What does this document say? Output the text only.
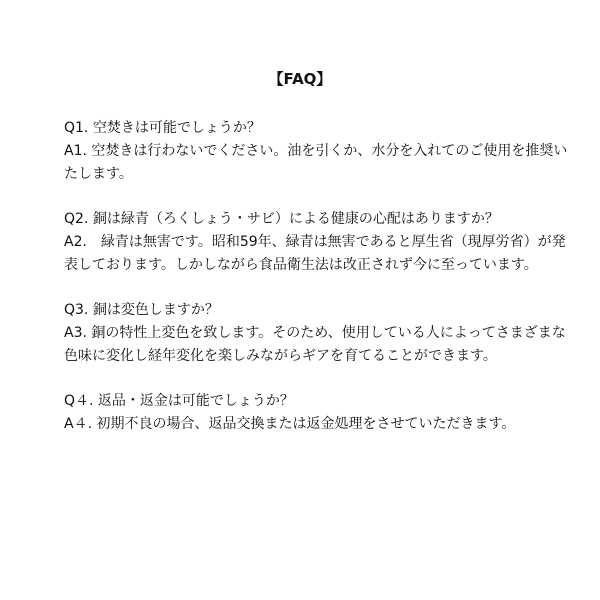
【FAQ】
Q1. 空焚きは可能でしょうか？
A1. 空焚きは行わないでください。油を引くか、水分を入れてのご使用を推奨い
たします。
Q2. 銅は緑青（ろくしょう・サビ）による健康の心配はありますか？
A2.　緑青は無害です。昭和59年、緑青は無害であると厚生省（現厚労省）が発
表しております。しかしながら食品衛生法は改正されず今に至っています。
Q3. 銅は変色しますか？
A3. 銅の特性上変色を致します。そのため、使用している人によってさまざまな
色味に変化し経年変化を楽しみながらギアを育てることができます。
Q４. 返品・返金は可能でしょうか？
A４. 初期不良の場合、返品交換または返金処理をさせていただきます。
